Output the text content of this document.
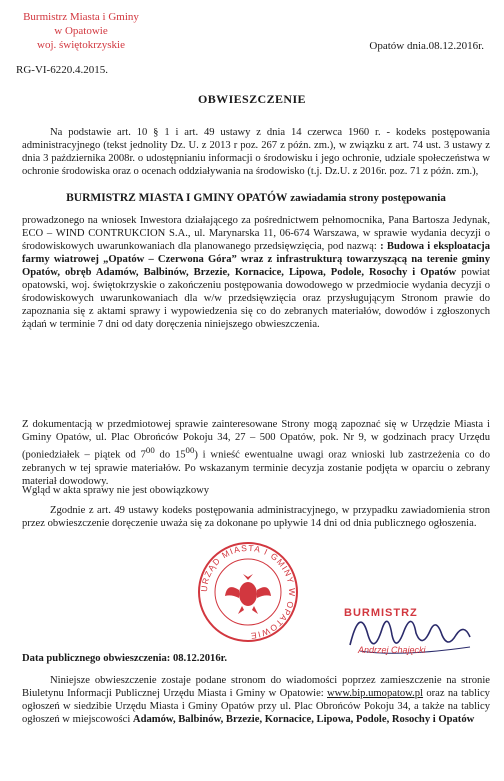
Burmistrz Miasta i Gminy
w Opatowie
woj. świętokrzyskie
RG-VI-6220.4.2015.
Opatów dnia.08.12.2016r.
OBWIESZCZENIE
Na podstawie art. 10 § 1 i art. 49 ustawy z dnia 14 czerwca 1960 r. - kodeks postępowania administracyjnego (tekst jednolity Dz. U. z 2013 r poz. 267 z późn. zm.), w związku z art. 74 ust. 3 ustawy z dnia 3 października 2008r. o udostępnianiu informacji o środowisku i jego ochronie, udziale społeczeństwa w ochronie środowiska oraz o ocenach oddziaływania na środowisko (t.j. Dz.U. z 2016r. poz. 71 z późn. zm.),
BURMISTRZ MIASTA I GMINY OPATÓW zawiadamia strony postępowania
prowadzonego na wniosek Inwestora działającego za pośrednictwem pełnomocnika, Pana Bartosza Jedynak, ECO – WIND CONTRUKCION S.A., ul. Marynarska 11, 06-674 Warszawa, w sprawie wydania decyzji o środowiskowych uwarunkowaniach dla planowanego przedsięwzięcia, pod nazwą: : Budowa i eksploatacja farmy wiatrowej „Opatów – Czerwona Góra” wraz z infrastrukturą towarzyszącą na terenie gminy Opatów, obręb Adamów, Balbinów, Brzezie, Kornacice, Lipowa, Podole, Rosochy i Opatów powiat opatowski, woj. świętokrzyskie o zakończeniu postępowania dowodowego w przedmiocie wydania decyzji o środowiskowych uwarunkowaniach dla w/w przedsięwzięcia oraz przysługującym Stronom prawie do zapoznania się z aktami sprawy i wypowiedzenia się co do zebranych materiałów, dowodów i zgłoszonych żądań w terminie 7 dni od daty doręczenia niniejszego obwieszczenia.
Z dokumentacją w przedmiotowej sprawie zainteresowane Strony mogą zapoznać się w Urzędzie Miasta i Gminy Opatów, ul. Plac Obrońców Pokoju 34, 27 – 500 Opatów, pok. Nr 9, w godzinach pracy Urzędu (poniedziałek – piątek od $7^{00}$ do $15^{00}$) i wnieść ewentualne uwagi oraz wnioski lub zastrzeżenia co do zebranych w tej sprawie materiałów. Po wskazanym terminie decyzja zostanie podjęta w oparciu o zebrany materiał dowodowy.
Wgląd w akta sprawy nie jest obowiązkowy
Zgodnie z art. 49 ustawy kodeks postępowania administracyjnego, w przypadku zawiadomienia stron przez obwieszczenie doręczenie uważa się za dokonane po upływie 14 dni od dnia publicznego ogłoszenia.
URZĄD MIASTA I GMINY W OPATOWIE
BURMISTRZ
Andrzej Chajęcki
Data publicznego obwieszczenia: 08.12.2016r.
Niniejsze obwieszczenie zostaje podane stronom do wiadomości poprzez zamieszczenie na stronie Biuletynu Informacji Publicznej Urzędu Miasta i Gminy w Opatowie: www.bip.umopatow.pl oraz na tablicy ogłoszeń w siedzibie Urzędu Miasta i Gminy Opatów przy ul. Plac Obrońców Pokoju 34, a także na tablicy ogłoszeń w miejscowości Adamów, Balbinów, Brzezie, Kornacice, Lipowa, Podole, Rosochy i Opatów
